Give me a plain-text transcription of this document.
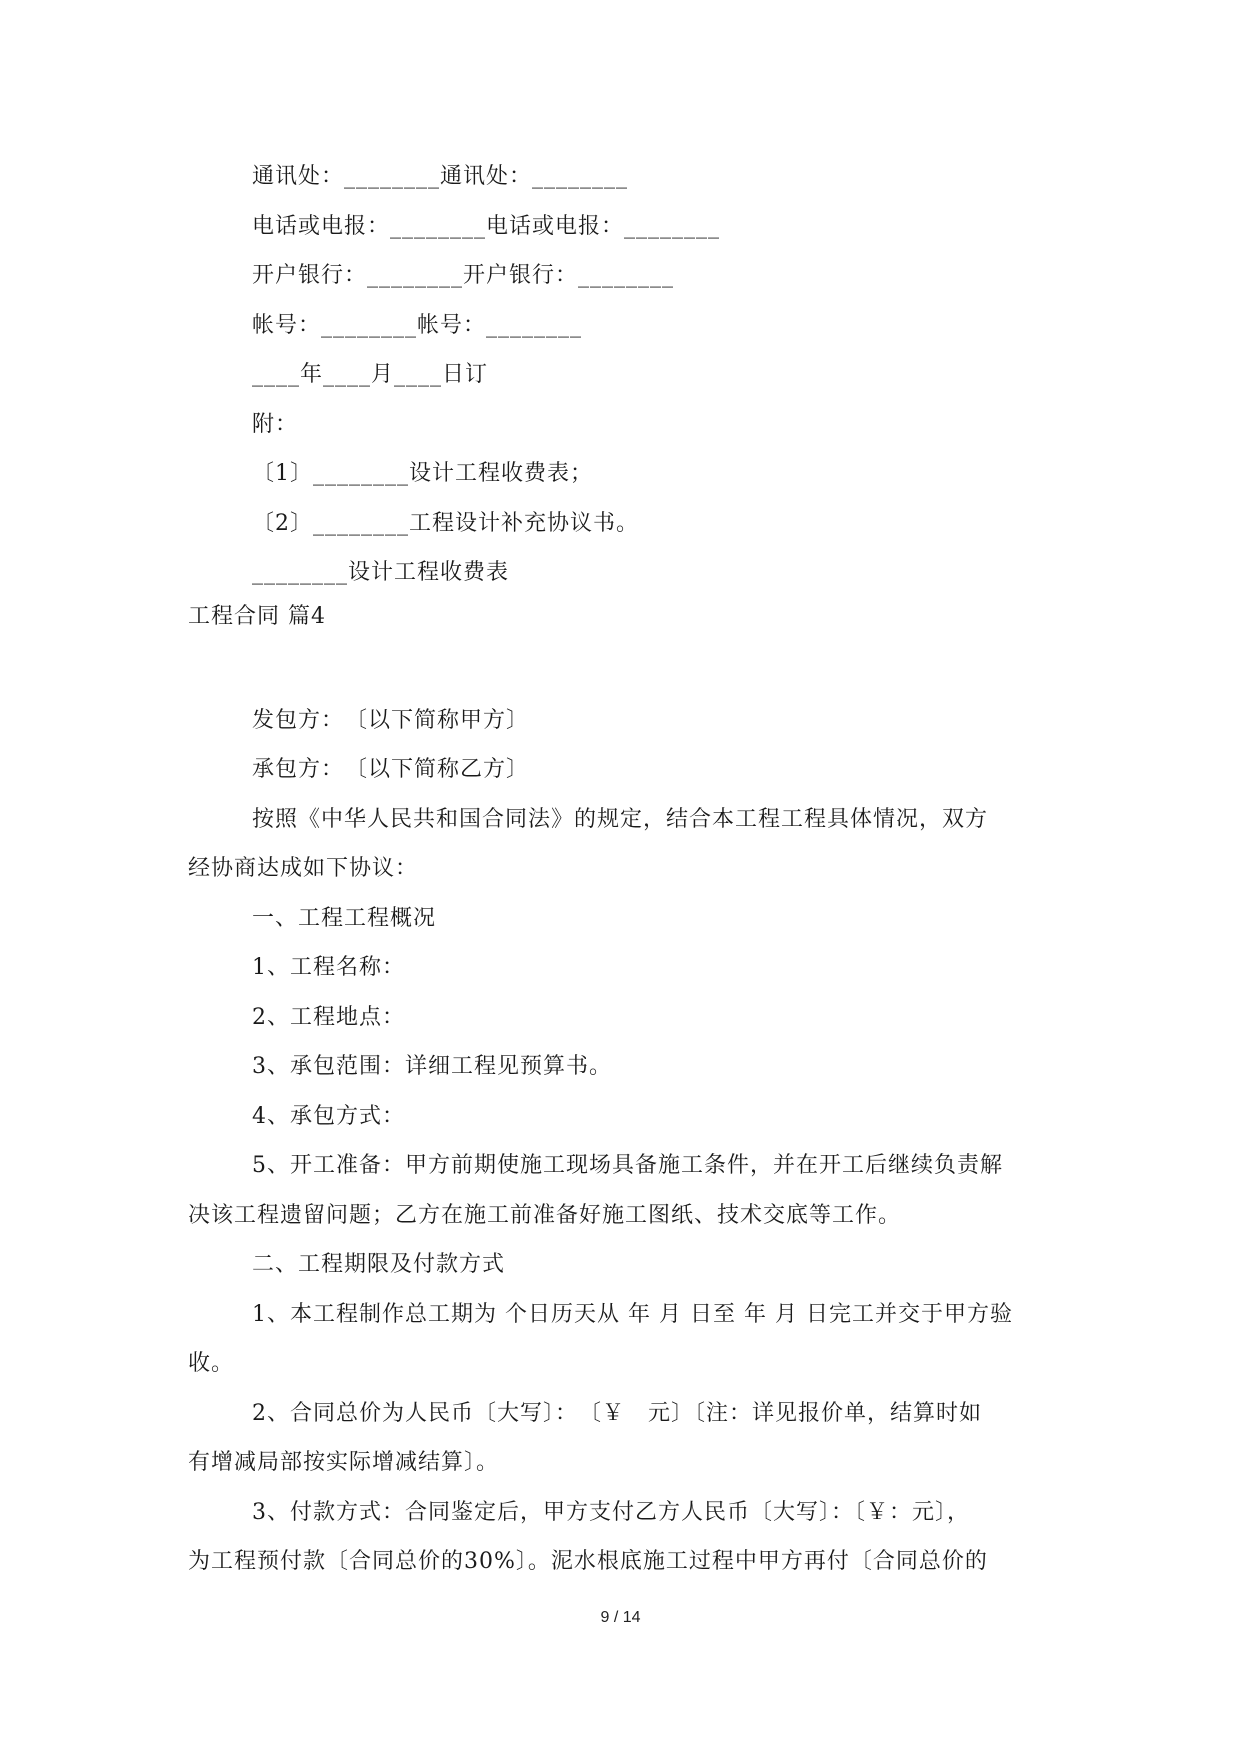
通讯处：________通讯处：________
电话或电报：________电话或电报：________
开户银行：________开户银行：________
帐号：________帐号：________
____年____月____日订
附：
〔1〕________设计工程收费表；
〔2〕________工程设计补充协议书。
________设计工程收费表
工程合同 篇4
发包方：　〔以下简称甲方〕
承包方：　〔以下简称乙方〕
按照《中华人民共和国合同法》的规定，结合本工程工程具体情况，双方
经协商达成如下协议：
一、工程工程概况
1、工程名称：
2、工程地点：
3、承包范围：详细工程见预算书。
4、承包方式：
5、开工准备：甲方前期使施工现场具备施工条件，并在开工后继续负责解
决该工程遗留问题；乙方在施工前准备好施工图纸、技术交底等工作。
二、工程期限及付款方式
1、本工程制作总工期为 个日历天从 年 月 日至 年 月 日完工并交于甲方验
收。
2、合同总价为人民币〔大写〕：　〔￥　元〕〔注：详见报价单，结算时如
有增减局部按实际增减结算〕。
3、付款方式：合同鉴定后，甲方支付乙方人民币〔大写〕：〔￥：元〕，
为工程预付款〔合同总价的30%〕。泥水根底施工过程中甲方再付〔合同总价的
9 / 14
